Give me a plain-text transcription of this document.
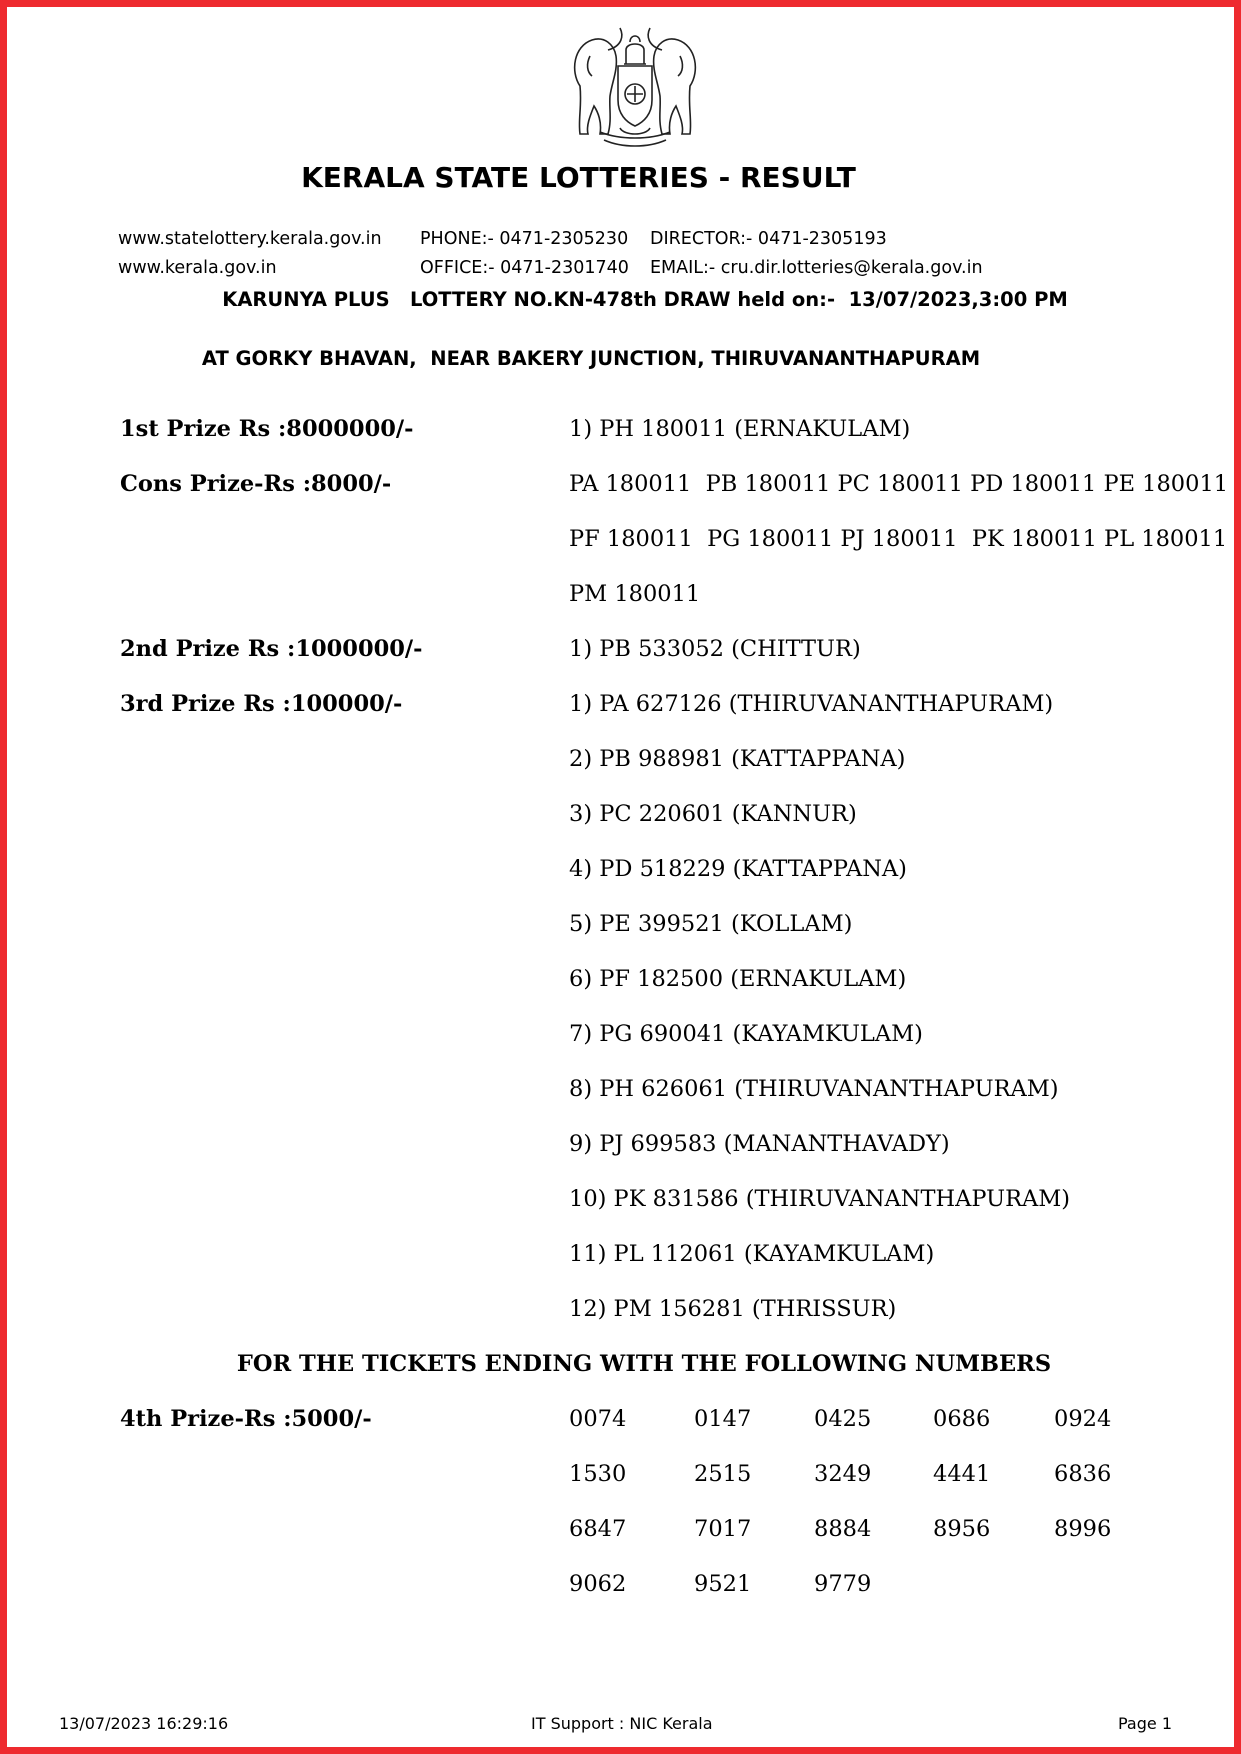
KERALA STATE LOTTERIES - RESULT
www.statelottery.kerala.gov.in
www.kerala.gov.in
PHONE:- 0471-2305230
OFFICE:- 0471-2301740
DIRECTOR:- 0471-2305193
EMAIL:- cru.dir.lotteries@kerala.gov.in
KARUNYA PLUS   LOTTERY NO.KN-478th DRAW held on:-  13/07/2023,3:00 PM
AT GORKY BHAVAN,  NEAR BAKERY JUNCTION, THIRUVANANTHAPURAM
1st Prize Rs :8000000/-	1) PH 180011 (ERNAKULAM)
Cons Prize-Rs :8000/-	PA 180011  PB 180011 PC 180011 PD 180011 PE 180011
PF 180011  PG 180011 PJ 180011  PK 180011 PL 180011
PM 180011
2nd Prize Rs :1000000/-	1) PB 533052 (CHITTUR)
3rd Prize Rs :100000/-	1) PA 627126 (THIRUVANANTHAPURAM)
2) PB 988981 (KATTAPPANA)
3) PC 220601 (KANNUR)
4) PD 518229 (KATTAPPANA)
5) PE 399521 (KOLLAM)
6) PF 182500 (ERNAKULAM)
7) PG 690041 (KAYAMKULAM)
8) PH 626061 (THIRUVANANTHAPURAM)
9) PJ 699583 (MANANTHAVADY)
10) PK 831586 (THIRUVANANTHAPURAM)
11) PL 112061 (KAYAMKULAM)
12) PM 156281 (THRISSUR)
FOR THE TICKETS ENDING WITH THE FOLLOWING NUMBERS
4th Prize-Rs :5000/-	0074	0147	0425	0686	0924
1530	2515	3249	4441	6836
6847	7017	8884	8956	8996
9062	9521	9779
13/07/2023 16:29:16	IT Support : NIC Kerala	Page 1
